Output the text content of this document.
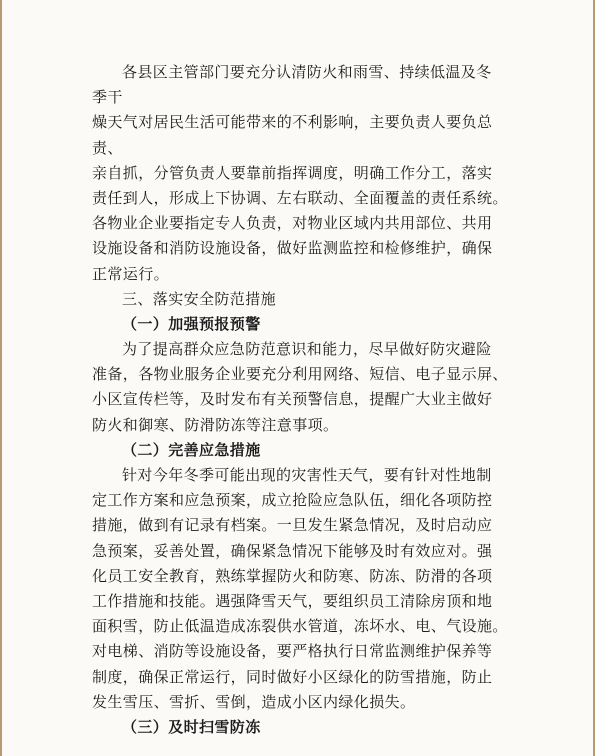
各县区主管部门要充分认清防火和雨雪、持续低温及冬
季干
燥天气对居民生活可能带来的不利影响，主要负责人要负总
责、
亲自抓，分管负责人要靠前指挥调度，明确工作分工，落实
责任到人，形成上下协调、左右联动、全面覆盖的责任系统。
各物业企业要指定专人负责，对物业区域内共用部位、共用
设施设备和消防设施设备，做好监测监控和检修维护，确保
正常运行。
三、落实安全防范措施
（一）加强预报预警
为了提高群众应急防范意识和能力，尽早做好防灾避险
准备，各物业服务企业要充分利用网络、短信、电子显示屏、
小区宣传栏等，及时发布有关预警信息，提醒广大业主做好
防火和御寒、防滑防冻等注意事项。
（二）完善应急措施
针对今年冬季可能出现的灾害性天气，要有针对性地制
定工作方案和应急预案，成立抢险应急队伍，细化各项防控
措施，做到有记录有档案。一旦发生紧急情况，及时启动应
急预案，妥善处置，确保紧急情况下能够及时有效应对。强
化员工安全教育，熟练掌握防火和防寒、防冻、防滑的各项
工作措施和技能。遇强降雪天气，要组织员工清除房顶和地
面积雪，防止低温造成冻裂供水管道，冻坏水、电、气设施。
对电梯、消防等设施设备，要严格执行日常监测维护保养等
制度，确保正常运行，同时做好小区绿化的防雪措施，防止
发生雪压、雪折、雪倒，造成小区内绿化损失。
（三）及时扫雪防冻
